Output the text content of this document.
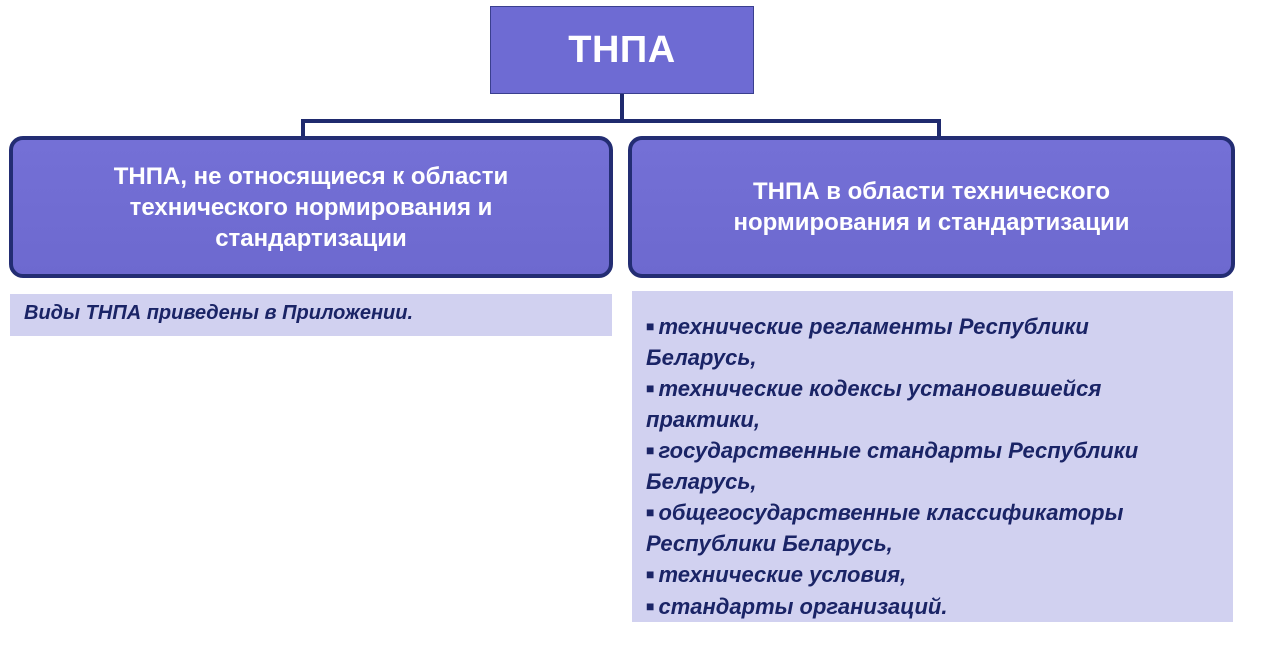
ТНПА
ТНПА, не относящиеся к области
технического нормирования и
стандартизации
Виды ТНПА приведены в Приложении.
ТНПА в области технического
нормирования и стандартизации
■ технические регламенты Республики
Беларусь,
■ технические кодексы установившейся
практики,
■ государственные стандарты Республики
Беларусь,
■ общегосударственные классификаторы
Республики Беларусь,
■ технические условия,
■ стандарты организаций.
